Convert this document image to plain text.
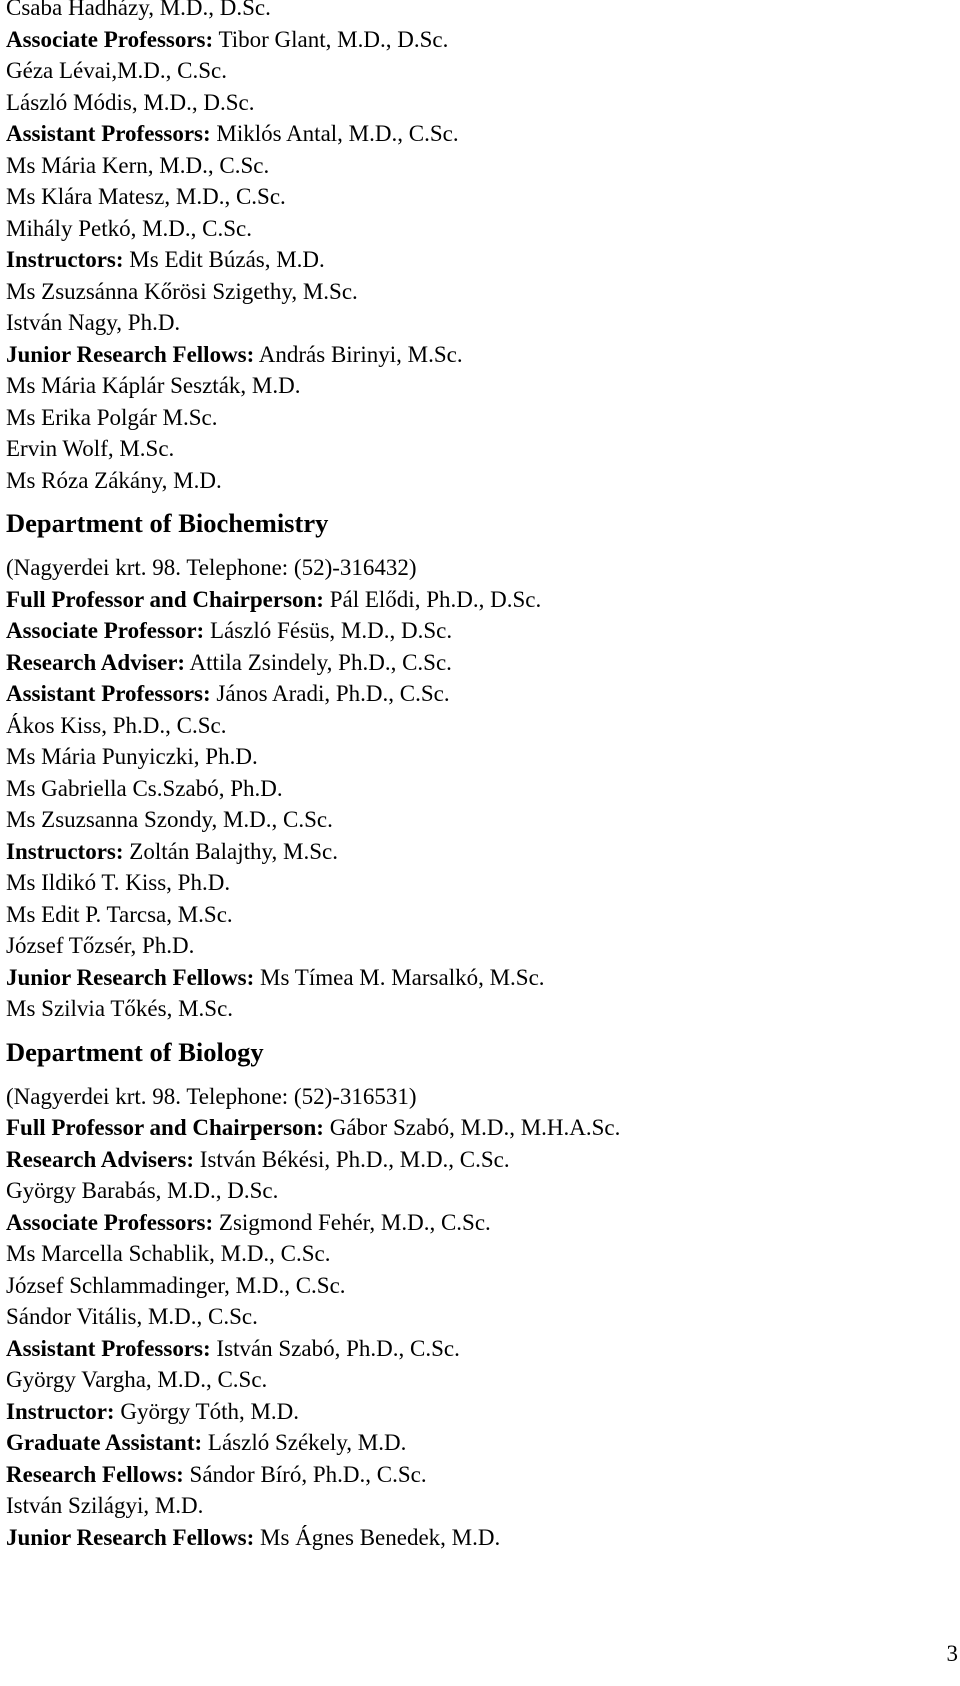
Csaba Hadházy, M.D., D.Sc.

Associate Professors: Tibor Glant, M.D., D.Sc.

Géza Lévai,M.D., C.Sc.

László Módis, M.D., D.Sc.

Assistant Professors: Miklós Antal, M.D., C.Sc.

Ms Mária Kern, M.D., C.Sc.

Ms Klára Matesz, M.D., C.Sc.

Mihály Petkó, M.D., C.Sc.

Instructors: Ms Edit Búzás, M.D.

Ms Zsuzsánna Kőrösi Szigethy, M.Sc.

István Nagy, Ph.D.

Junior Research Fellows: András Birinyi, M.Sc.

Ms Mária Káplár Seszták, M.D.

Ms Erika Polgár M.Sc.

Ervin Wolf, M.Sc.

Ms Róza Zákány, M.D.

Department of Biochemistry

(Nagyerdei krt. 98. Telephone: (52)-316432)

Full Professor and Chairperson: Pál Elődi, Ph.D., D.Sc.

Associate Professor: László Fésüs, M.D., D.Sc.

Research Adviser: Attila Zsindely, Ph.D., C.Sc.

Assistant Professors: János Aradi, Ph.D., C.Sc.

Ákos Kiss, Ph.D., C.Sc.

Ms Mária Punyiczki, Ph.D.

Ms Gabriella Cs.Szabó, Ph.D.

Ms Zsuzsanna Szondy, M.D., C.Sc.

Instructors: Zoltán Balajthy, M.Sc.

Ms Ildikó T. Kiss, Ph.D.

Ms Edit P. Tarcsa, M.Sc.

József Tőzsér, Ph.D.

Junior Research Fellows: Ms Tímea M. Marsalkó, M.Sc.

Ms Szilvia Tőkés, M.Sc.

Department of Biology

(Nagyerdei krt. 98. Telephone: (52)-316531)

Full Professor and Chairperson: Gábor Szabó, M.D., M.H.A.Sc.

Research Advisers: István Békési, Ph.D., M.D., C.Sc.

György Barabás, M.D., D.Sc.

Associate Professors: Zsigmond Fehér, M.D., C.Sc.

Ms Marcella Schablik, M.D., C.Sc.

József Schlammadinger, M.D., C.Sc.

Sándor Vitális, M.D., C.Sc.

Assistant Professors: István Szabó, Ph.D., C.Sc.

György Vargha, M.D., C.Sc.

Instructor: György Tóth, M.D.

Graduate Assistant: László Székely, M.D.

Research Fellows: Sándor Bíró, Ph.D., C.Sc.

István Szilágyi, M.D.

Junior Research Fellows: Ms Ágnes Benedek, M.D.

3
